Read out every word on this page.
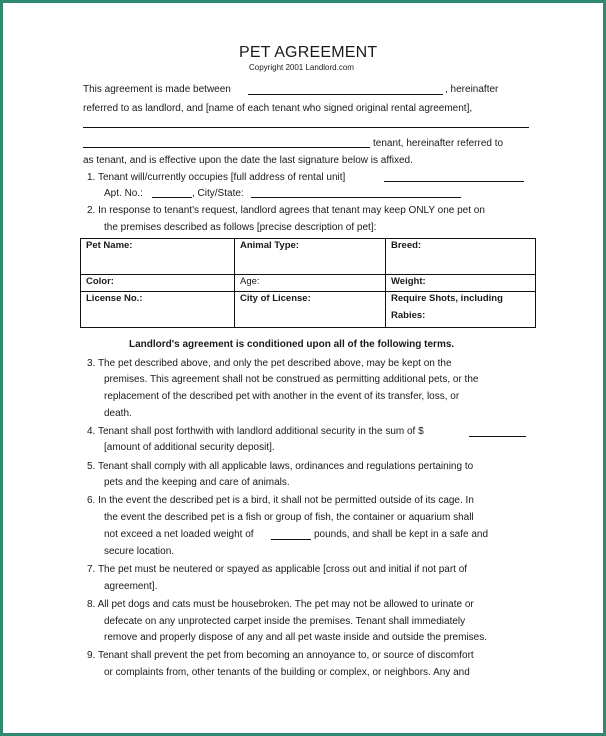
PET AGREEMENT
Copyright 2001 Landlord.com
This agreement is made between	, hereinafter
referred to as landlord, and [name of each tenant who signed original rental agreement],
tenant, hereinafter referred to
as tenant, and is effective upon the date the last signature below is affixed.
1. Tenant will/currently occupies [full address of rental unit]
Apt. No.:	, City/State:
2. In response to tenant's request, landlord agrees that tenant may keep ONLY one pet on
the premises described as follows [precise description of pet]:
Pet Name:	Animal Type:	Breed:
Color:	Age:	Weight:
License No.:	City of License:	Require Shots, including
Rabies:
Landlord's agreement is conditioned upon all of the following terms.
3. The pet described above, and only the pet described above, may be kept on the
premises. This agreement shall not be construed as permitting additional pets, or the
replacement of the described pet with another in the event of its transfer, loss, or
death.
4. Tenant shall post forthwith with landlord additional security in the sum of $
[amount of additional security deposit].
5. Tenant shall comply with all applicable laws, ordinances and regulations pertaining to
pets and the keeping and care of animals.
6. In the event the described pet is a bird, it shall not be permitted outside of its cage. In
the event the described pet is a fish or group of fish, the container or aquarium shall
not exceed a net loaded weight of	pounds, and shall be kept in a safe and
secure location.
7. The pet must be neutered or spayed as applicable [cross out and initial if not part of
agreement].
8. All pet dogs and cats must be housebroken. The pet may not be allowed to urinate or
defecate on any unprotected carpet inside the premises. Tenant shall immediately
remove and properly dispose of any and all pet waste inside and outside the premises.
9. Tenant shall prevent the pet from becoming an annoyance to, or source of discomfort
or complaints from, other tenants of the building or complex, or neighbors. Any and
